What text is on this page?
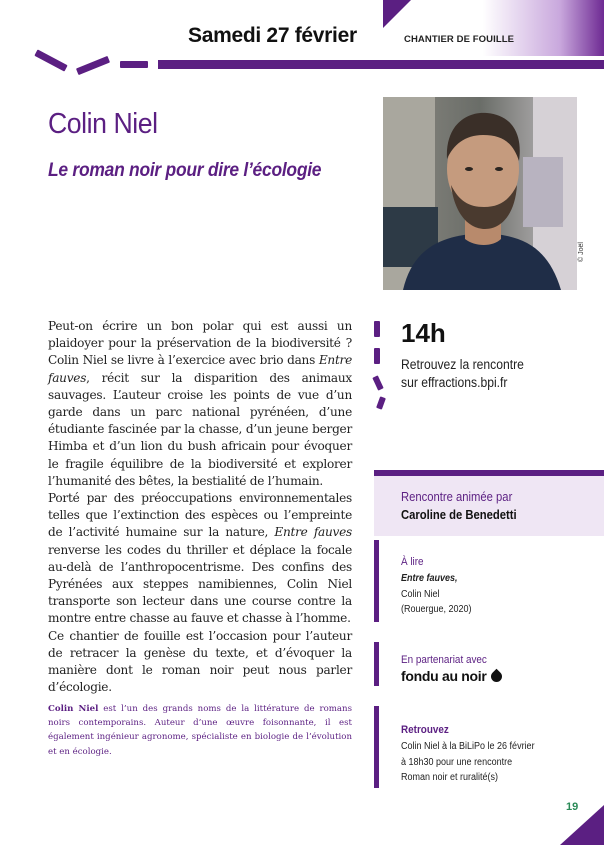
Samedi 27 février	CHANTIER DE FOUILLE
Colin Niel
Le roman noir pour dire l’écologie
© Joël

Peut-on écrire un bon polar qui est aussi un plaidoyer pour la préservation de la biodiversité ? Colin Niel se livre à l’exercice avec brio dans Entre fauves, récit sur la disparition des animaux sauvages. L’auteur croise les points de vue d’un garde dans un parc national pyrénéen, d’une étudiante fascinée par la chasse, d’un jeune berger Himba et d’un lion du bush africain pour évoquer le fragile équilibre de la biodiversité et explorer l’humanité des bêtes, la bestialité de l’humain.

Porté par des préoccupations environnementales telles que l’extinction des espèces ou l’empreinte de l’activité humaine sur la nature, Entre fauves renverse les codes du thriller et déplace la focale au-delà de l’anthropocentrisme. Des confins des Pyrénées aux steppes namibiennes, Colin Niel transporte son lecteur dans une course contre la montre entre chasse au fauve et chasse à l’homme.

Ce chantier de fouille est l’occasion pour l’auteur de retracer la genèse du texte, et d’évoquer la manière dont le roman noir peut nous parler d’écologie.

Colin Niel est l’un des grands noms de la littérature de romans noirs contemporains. Auteur d’une œuvre foisonnante, il est également ingénieur agronome, spécialiste en biologie de l’évolution et en écologie.
14h
Retrouvez la rencontre
sur effractions.bpi.fr
Rencontre animée par
Caroline de Benedetti
À lire
Entre fauves,
Colin Niel
(Rouergue, 2020)
En partenariat avec
fondu au noir
Retrouvez
Colin Niel à la BiLiPo le 26 février
à 18h30 pour une rencontre
Roman noir et ruralité(s)
19
